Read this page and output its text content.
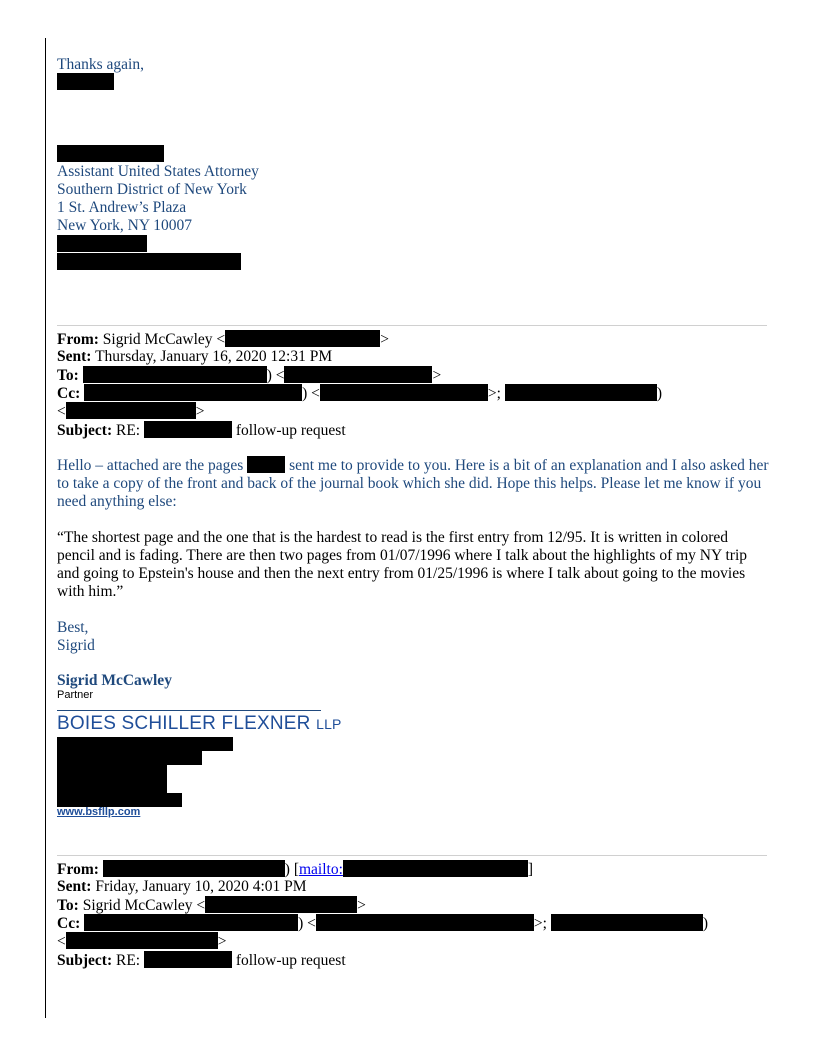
Thanks again,
Assistant United States Attorney
Southern District of New York
1 St. Andrew’s Plaza
New York, NY 10007
From: Sigrid McCawley <	>
Sent: Thursday, January 16, 2020 12:31 PM
To:	) <	>
Cc:	) <	>;	)
<	>
Subject: RE:	follow-up request
Hello – attached are the pages	sent me to provide to you. Here is a bit of an explanation and I also asked her to take a copy of the front and back of the journal book which she did. Hope this helps. Please let me know if you need anything else:
“The shortest page and the one that is the hardest to read is the first entry from 12/95. It is written in colored pencil and is fading. There are then two pages from 01/07/1996 where I talk about the highlights of my NY trip and going to Epstein's house and then the next entry from 01/25/1996 is where I talk about going to the movies with him.”
Best,
Sigrid
Sigrid McCawley
Partner
BOIES SCHILLER FLEXNER LLP
www.bsfllp.com
From:	) [mailto:	]
Sent: Friday, January 10, 2020 4:01 PM
To: Sigrid McCawley <	>
Cc:	) <	>;	)
<	>
Subject: RE:	follow-up request
